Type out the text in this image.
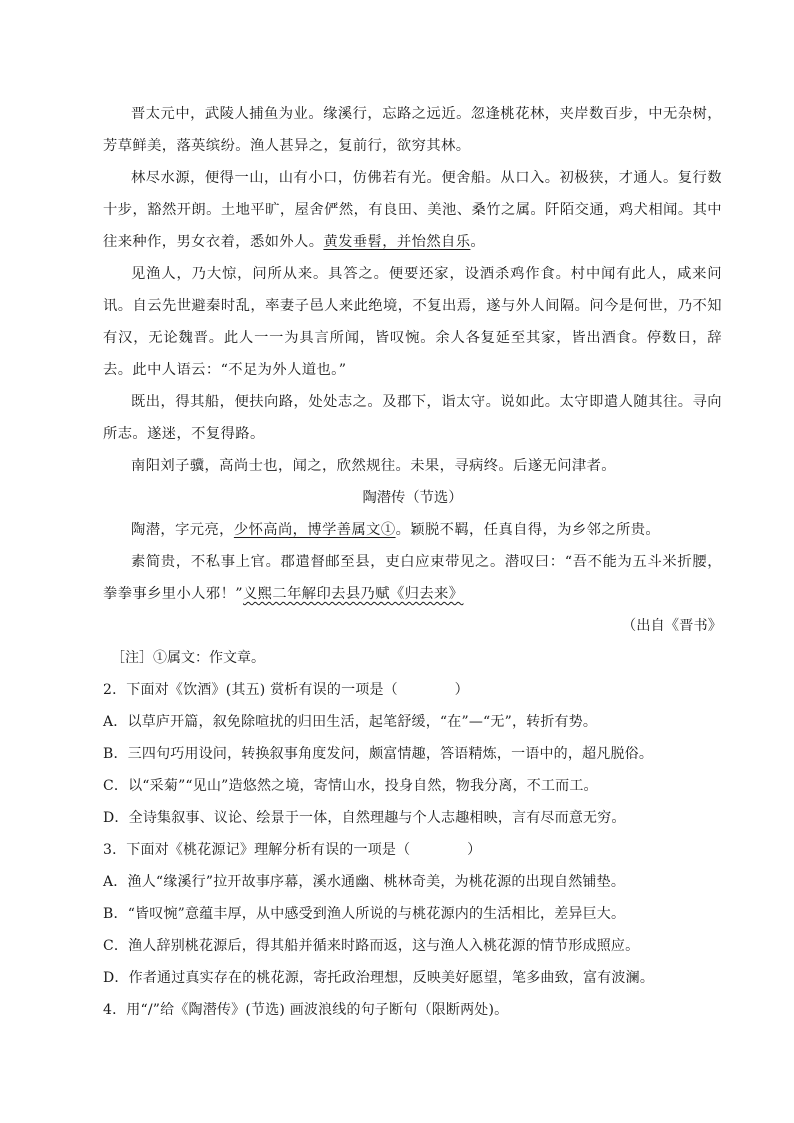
晋太元中，武陵人捕鱼为业。缘溪行，忘路之远近。忽逢桃花林，夹岸数百步，中无杂树，芳草鲜美，落英缤纷。渔人甚异之，复前行，欲穷其林。

林尽水源，便得一山，山有小口，仿佛若有光。便舍船。从口入。初极狭，才通人。复行数十步，豁然开朗。土地平旷，屋舍俨然，有良田、美池、桑竹之属。阡陌交通，鸡犬相闻。其中往来种作，男女衣着，悉如外人。黄发垂髫，并怡然自乐。

见渔人，乃大惊，问所从来。具答之。便要还家，设酒杀鸡作食。村中闻有此人，咸来问讯。自云先世避秦时乱，率妻子邑人来此绝境，不复出焉，遂与外人间隔。问今是何世，乃不知有汉，无论魏晋。此人一一为具言所闻，皆叹惋。余人各复延至其家，皆出酒食。停数日，辞去。此中人语云：“不足为外人道也。”

既出，得其船，便扶向路，处处志之。及郡下，诣太守。说如此。太守即遣人随其往。寻向所志。遂迷，不复得路。

南阳刘子骥，高尚士也，闻之，欣然规往。未果，寻病终。后遂无问津者。

陶潜传（节选）

陶潜，字元亮，少怀高尚，博学善属文①。颖脱不羁，任真自得，为乡邻之所贵。

素简贵，不私事上官。郡遣督邮至县，吏白应束带见之。潜叹曰：“吾不能为五斗米折腰，拳拳事乡里小人邪！”义熙二年解印去县乃赋《归去来》

（出自《晋书》

［注］①属文：作文章。

2．下面对《饮酒》(其五) 赏析有误的一项是（　　　　）

A．以草庐开篇，叙免除喧扰的归田生活，起笔舒缓，“在”—“无”，转折有势。

B．三四句巧用设问，转换叙事角度发问，颇富情趣，答语精炼，一语中的，超凡脱俗。

C．以“采菊”“见山”造悠然之境，寄情山水，投身自然，物我分离，不工而工。

D．全诗集叙事、议论、绘景于一体，自然理趣与个人志趣相映，言有尽而意无穷。

3．下面对《桃花源记》理解分析有误的一项是（　　　　）

A．渔人“缘溪行”拉开故事序幕，溪水通幽、桃林奇美，为桃花源的出现自然铺垫。

B．“皆叹惋”意蕴丰厚，从中感受到渔人所说的与桃花源内的生活相比，差异巨大。

C．渔人辞别桃花源后，得其船并循来时路而返，这与渔人入桃花源的情节形成照应。

D．作者通过真实存在的桃花源，寄托政治理想，反映美好愿望，笔多曲致，富有波澜。

4．用“/”给《陶潜传》(节选) 画波浪线的句子断句（限断两处)。
